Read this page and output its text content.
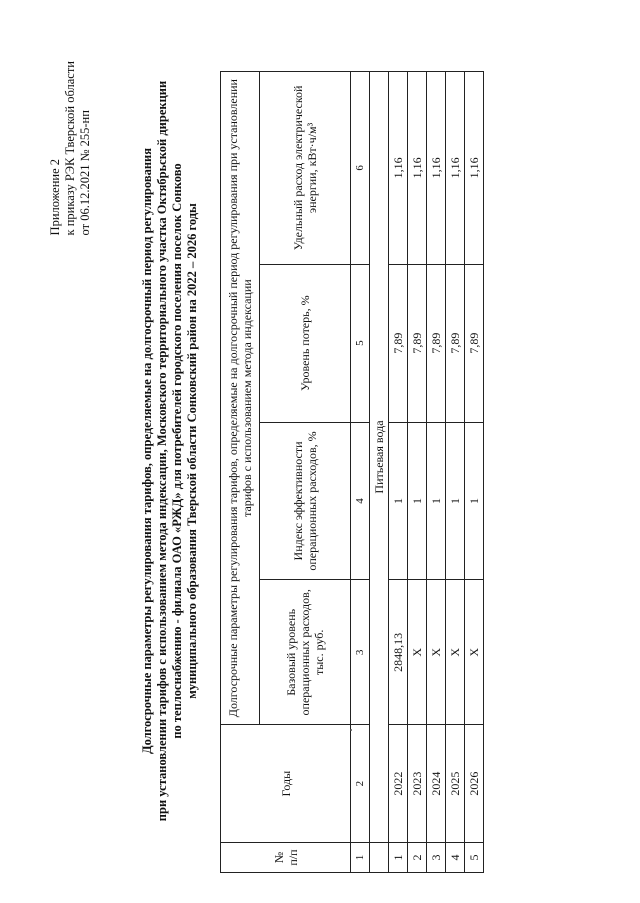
Приложение 2 к приказу РЭК Тверской области от 06.12.2021 № 255-нп	Долгосрочные параметры регулирования тарифов, определяемые на долгосрочный период регулирования при установлении тарифов с использованием метода индексации, Московского территориального участка Октябрьской дирекции по теплоснабжению - филиала ОАО «РЖД» для потребителей городского поселения поселок Сонково муниципального образования Тверской области Сонковский район на 2022 – 2026 годы
№ п/п	Годы	Долгосрочные параметры регулирования тарифов, определяемые на долгосрочный период регулирования при установлении тарифов с использованием метода индексации			
		Базовый уровень операционных расходов, тыс. руб.	Индекс эффективности операционных расходов, %	Уровень потерь, %	Удельный расход электрической энергии, кВт·ч/м³
1	2	3	4	5	6
	Питьевая вода				
1	2022	2848,13	1	7,89	1,16
2	2023	Х	1	7,89	1,16
3	2024	Х	1	7,89	1,16
4	2025	Х	1	7,89	1,16
5	2026	Х	1	7,89	1,16
